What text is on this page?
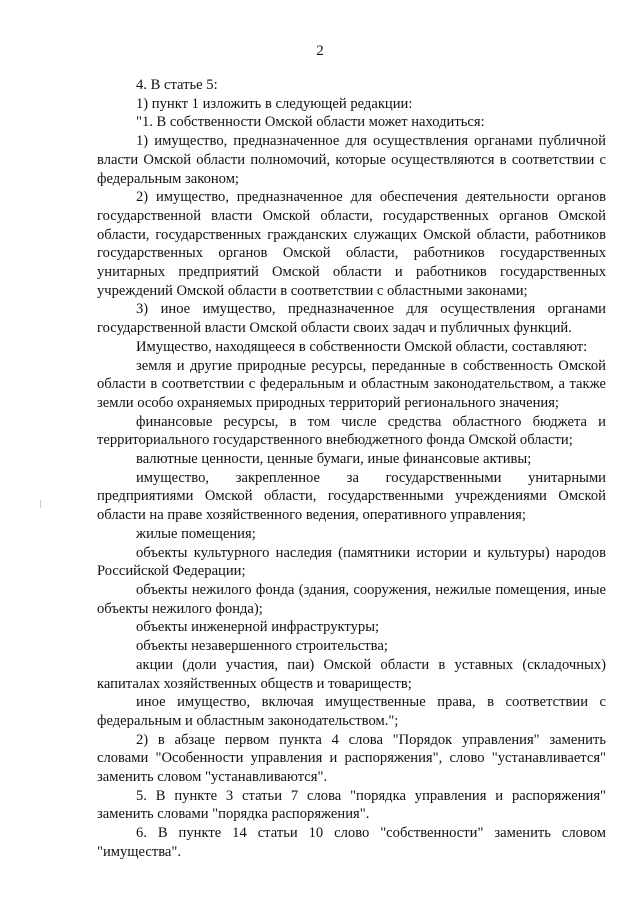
2

4. В статье 5:

1) пункт 1 изложить в следующей редакции:

"1. В собственности Омской области может находиться:

1) имущество, предназначенное для осуществления органами публичной власти Омской области полномочий, которые осуществляются в соответствии с федеральным законом;

2) имущество, предназначенное для обеспечения деятельности органов государственной власти Омской области, государственных органов Омской области, государственных гражданских служащих Омской области, работников государственных органов Омской области, работников государственных унитарных предприятий Омской области и работников государственных учреждений Омской области в соответствии с областными законами;

3) иное имущество, предназначенное для осуществления органами государственной власти Омской области своих задач и публичных функций.

Имущество, находящееся в собственности Омской области, составляют:

земля и другие природные ресурсы, переданные в собственность Омской области в соответствии с федеральным и областным законодательством, а также земли особо охраняемых природных территорий регионального значения;

финансовые ресурсы, в том числе средства областного бюджета и территориального государственного внебюджетного фонда Омской области;

валютные ценности, ценные бумаги, иные финансовые активы;

имущество, закрепленное за государственными унитарными предприятиями Омской области, государственными учреждениями Омской области на праве хозяйственного ведения, оперативного управления;

жилые помещения;

объекты культурного наследия (памятники истории и культуры) народов Российской Федерации;

объекты нежилого фонда (здания, сооружения, нежилые помещения, иные объекты нежилого фонда);

объекты инженерной инфраструктуры;

объекты незавершенного строительства;

акции (доли участия, паи) Омской области в уставных (складочных) капиталах хозяйственных обществ и товариществ;

иное имущество, включая имущественные права, в соответствии с федеральным и областным законодательством.";

2) в абзаце первом пункта 4 слова "Порядок управления" заменить словами "Особенности управления и распоряжения", слово "устанавливается" заменить словом "устанавливаются".

5. В пункте 3 статьи 7 слова "порядка управления и распоряжения" заменить словами "порядка распоряжения".

6. В пункте 14 статьи 10 слово "собственности" заменить словом "имущества".
